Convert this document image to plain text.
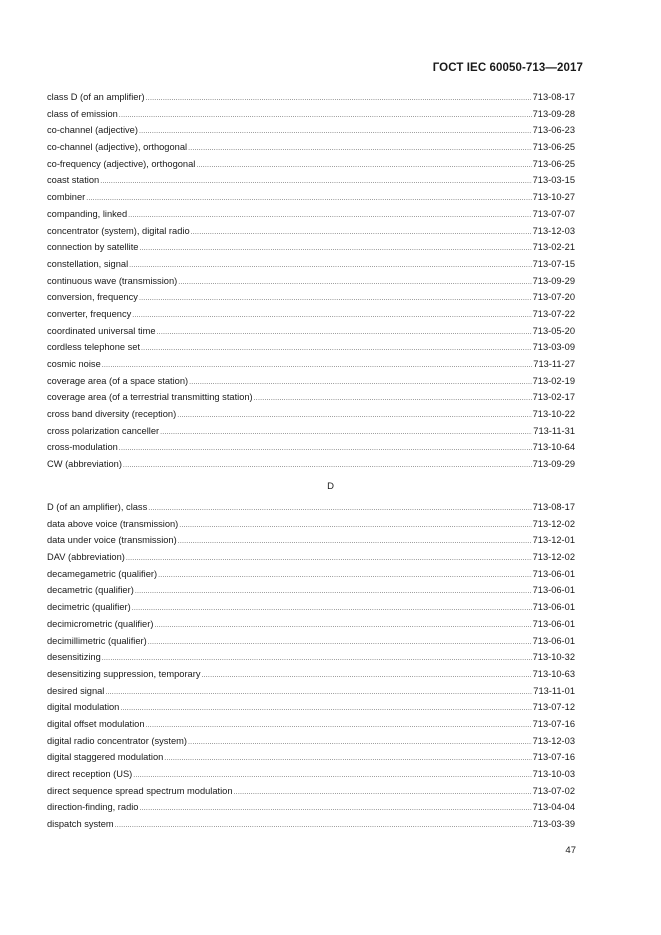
ГОСТ IEC 60050-713—2017
class D (of an amplifier) .....	713-08-17
class of emission .....	713-09-28
co-channel (adjective) .....	713-06-23
co-channel (adjective), orthogonal .....	713-06-25
co-frequency (adjective), orthogonal .....	713-06-25
coast station .....	713-03-15
combiner .....	713-10-27
companding, linked .....	713-07-07
concentrator (system), digital radio .....	713-12-03
connection by satellite .....	713-02-21
constellation, signal .....	713-07-15
continuous wave (transmission) .....	713-09-29
conversion, frequency .....	713-07-20
converter, frequency .....	713-07-22
coordinated universal time .....	713-05-20
cordless telephone set .....	713-03-09
cosmic noise .....	713-11-27
coverage area (of a space station) .....	713-02-19
coverage area (of a terrestrial transmitting station) .....	713-02-17
cross band diversity (reception) .....	713-10-22
cross polarization canceller .....	713-11-31
cross-modulation .....	713-10-64
CW (abbreviation) .....	713-09-29
D
D (of an amplifier), class .....	713-08-17
data above voice (transmission) .....	713-12-02
data under voice (transmission) .....	713-12-01
DAV (abbreviation) .....	713-12-02
decamegametric (qualifier) .....	713-06-01
decametric (qualifier) .....	713-06-01
decimetric (qualifier) .....	713-06-01
decimicrometric (qualifier) .....	713-06-01
decimillimetric (qualifier) .....	713-06-01
desensitizing .....	713-10-32
desensitizing suppression, temporary .....	713-10-63
desired signal .....	713-11-01
digital modulation .....	713-07-12
digital offset modulation .....	713-07-16
digital radio concentrator (system) .....	713-12-03
digital staggered modulation .....	713-07-16
direct reception (US) .....	713-10-03
direct sequence spread spectrum modulation .....	713-07-02
direction-finding, radio .....	713-04-04
dispatch system .....	713-03-39
47
